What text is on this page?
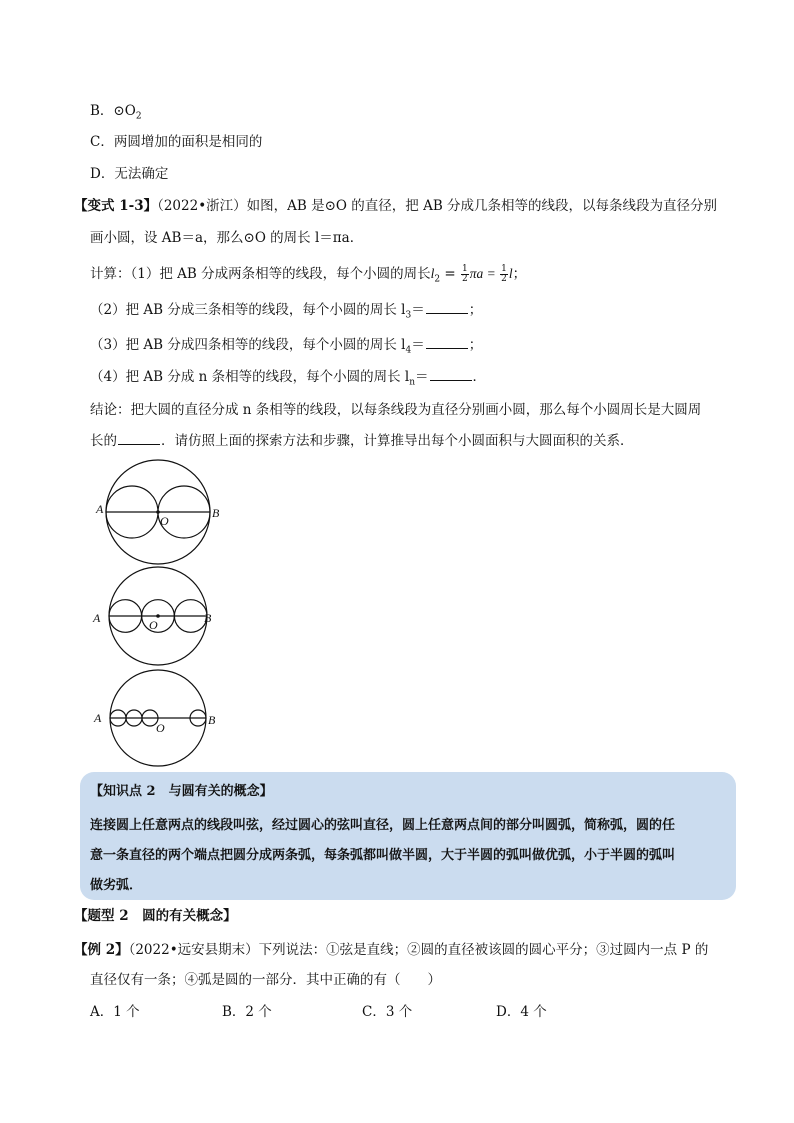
B．$⊙O_2$
C．两圆增加的面积是相同的
D．无法确定
【变式 1-3】（2022•浙江）如图，AB 是⊙O 的直径，把 AB 分成几条相等的线段，以每条线段为直径分别
画小圆，设 AB＝a，那么⊙O 的周长 l＝πa．
计算：（1）把 AB 分成两条相等的线段，每个小圆的周长$l_2 = \frac{1}{2}$ $\pi a = \frac{1}{2}$ l；
（2）把 AB 分成三条相等的线段，每个小圆的周长 $l_3=$	；
（3）把 AB 分成四条相等的线段，每个小圆的周长 $l_4=$	；
（4）把 AB 分成 n 条相等的线段，每个小圆的周长 $l_n=$	．
结论：把大圆的直径分成 n 条相等的线段，以每条线段为直径分别画小圆，那么每个小圆周长是大圆周
长的	．请仿照上面的探索方法和步骤，计算推导出每个小圆面积与大圆面积的关系．
A	B
O
A	B
O
A	B
O
【知识点 2　与圆有关的概念】
连接圆上任意两点的线段叫弦，经过圆心的弦叫直径，圆上任意两点间的部分叫圆弧，简称弧，圆的任
意一条直径的两个端点把圆分成两条弧，每条弧都叫做半圆，大于半圆的弧叫做优弧，小于半圆的弧叫
做劣弧．
【题型 2　圆的有关概念】
【例 2】（2022•远安县期末）下列说法：①弦是直线；②圆的直径被该圆的圆心平分；③过圆内一点 P 的
直径仅有一条；④弧是圆的一部分．其中正确的有（　　）
A．1 个	B．2 个	C．3 个	D．4 个
